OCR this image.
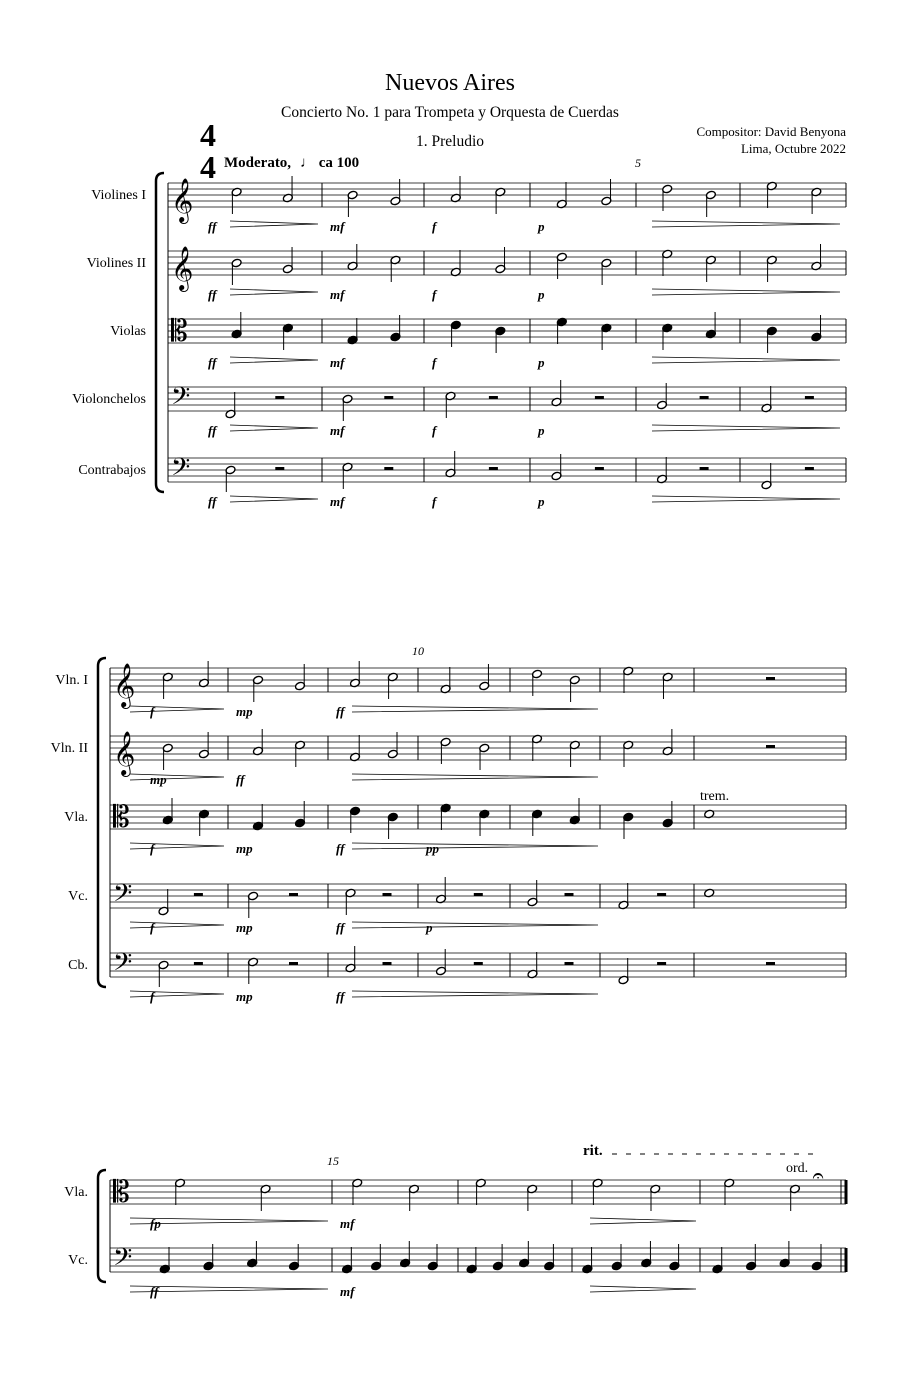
Nuevos Aires
Concierto No. 1 para Trompeta y Orquesta de Cuerdas
1. Preludio
Compositor: David Benyona
Lima, Octubre 2022
4
4 Moderato, ♩ ca 100
Violines I 𝄞
ff	mf	f	p
Violines II 𝄞
ff	mf	f	p
Violas 𝄡
ff	mf	f	p
Violonchelos 𝄢
ff	mf	f	p
Contrabajos 𝄢
ff	mf	f	p
5
Vln. I 𝄞
f	mp	ff
Vln. II 𝄞
mp	ff
Vla. 𝄡
f	mp	ff	pp
Vc. 𝄢
f	mp	ff	p
Cb. 𝄢
f	mp	ff
10
trem.
Vla. 𝄡
fp	mf
Vc. 𝄢
ff	mf
𝄐
15
rit.
ord.
